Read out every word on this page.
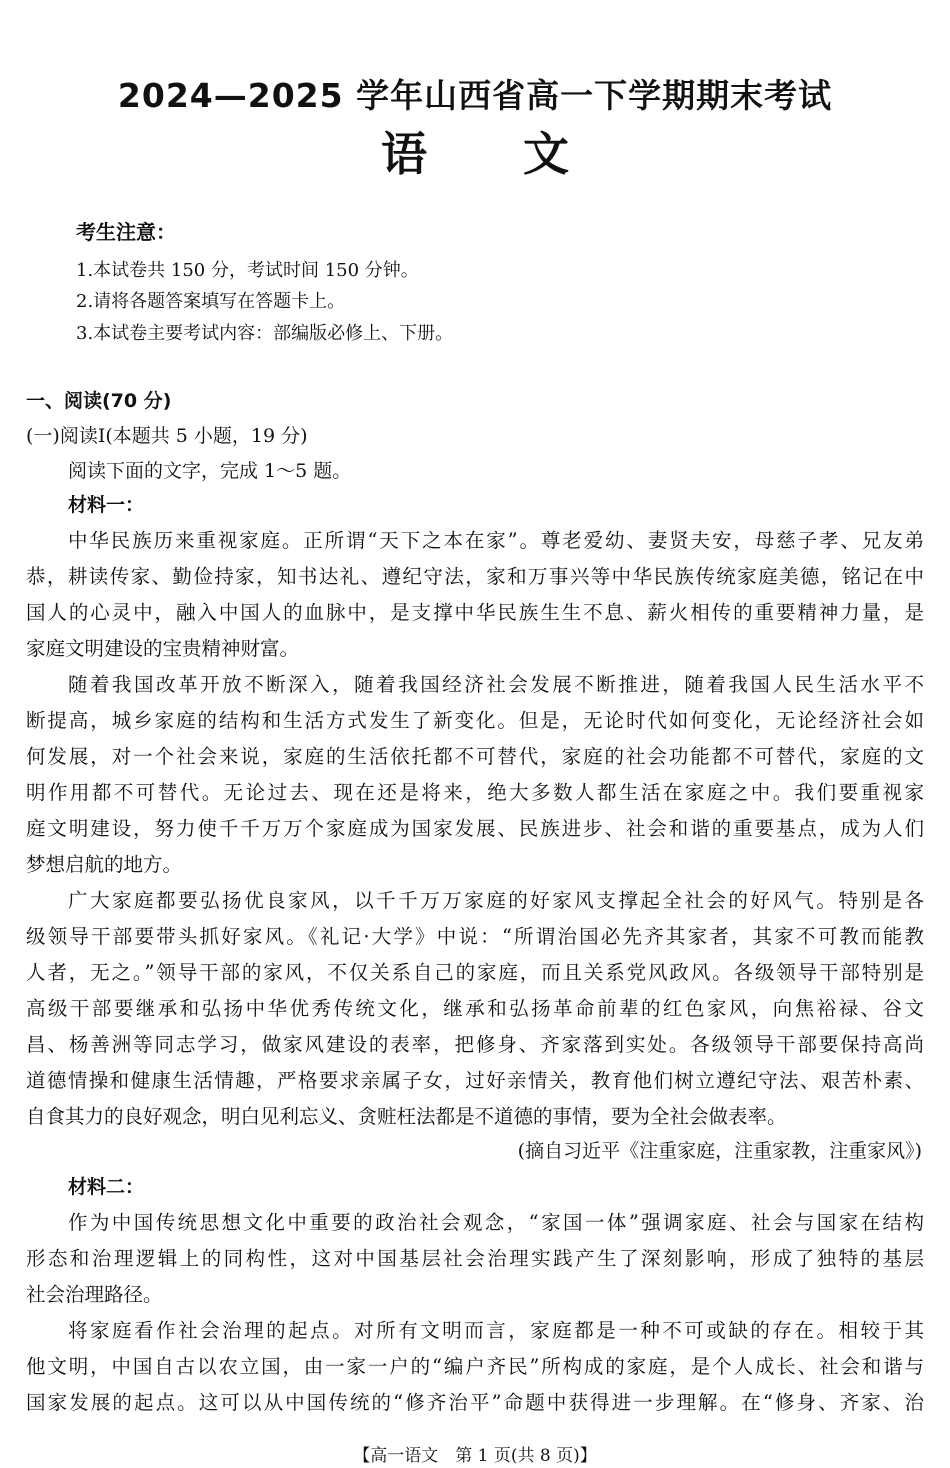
2024—2025 学年山西省高一下学期期末考试
语文
考生注意：
1.本试卷共 150 分，考试时间 150 分钟。
2.请将各题答案填写在答题卡上。
3.本试卷主要考试内容：部编版必修上、下册。
一、阅读(70 分)
(一)阅读Ⅰ(本题共 5 小题，19 分)
阅读下面的文字，完成 1～5 题。
材料一：
中华民族历来重视家庭。正所谓“天下之本在家”。尊老爱幼、妻贤夫安，母慈子孝、兄友弟
恭，耕读传家、勤俭持家，知书达礼、遵纪守法，家和万事兴等中华民族传统家庭美德，铭记在中
国人的心灵中，融入中国人的血脉中，是支撑中华民族生生不息、薪火相传的重要精神力量，是
家庭文明建设的宝贵精神财富。
随着我国改革开放不断深入，随着我国经济社会发展不断推进，随着我国人民生活水平不
断提高，城乡家庭的结构和生活方式发生了新变化。但是，无论时代如何变化，无论经济社会如
何发展，对一个社会来说，家庭的生活依托都不可替代，家庭的社会功能都不可替代，家庭的文
明作用都不可替代。无论过去、现在还是将来，绝大多数人都生活在家庭之中。我们要重视家
庭文明建设，努力使千千万万个家庭成为国家发展、民族进步、社会和谐的重要基点，成为人们
梦想启航的地方。
广大家庭都要弘扬优良家风，以千千万万家庭的好家风支撑起全社会的好风气。特别是各
级领导干部要带头抓好家风。《礼记·大学》中说：“所谓治国必先齐其家者，其家不可教而能教
人者，无之。”领导干部的家风，不仅关系自己的家庭，而且关系党风政风。各级领导干部特别是
高级干部要继承和弘扬中华优秀传统文化，继承和弘扬革命前辈的红色家风，向焦裕禄、谷文
昌、杨善洲等同志学习，做家风建设的表率，把修身、齐家落到实处。各级领导干部要保持高尚
道德情操和健康生活情趣，严格要求亲属子女，过好亲情关，教育他们树立遵纪守法、艰苦朴素、
自食其力的良好观念，明白见利忘义、贪赃枉法都是不道德的事情，要为全社会做表率。
(摘自习近平《注重家庭，注重家教，注重家风》)
材料二：
作为中国传统思想文化中重要的政治社会观念，“家国一体”强调家庭、社会与国家在结构
形态和治理逻辑上的同构性，这对中国基层社会治理实践产生了深刻影响，形成了独特的基层
社会治理路径。
将家庭看作社会治理的起点。对所有文明而言，家庭都是一种不可或缺的存在。相较于其
他文明，中国自古以农立国，由一家一户的“编户齐民”所构成的家庭，是个人成长、社会和谐与
国家发展的起点。这可以从中国传统的“修齐治平”命题中获得进一步理解。在“修身、齐家、治
【高一语文　第 1 页(共 8 页)】
